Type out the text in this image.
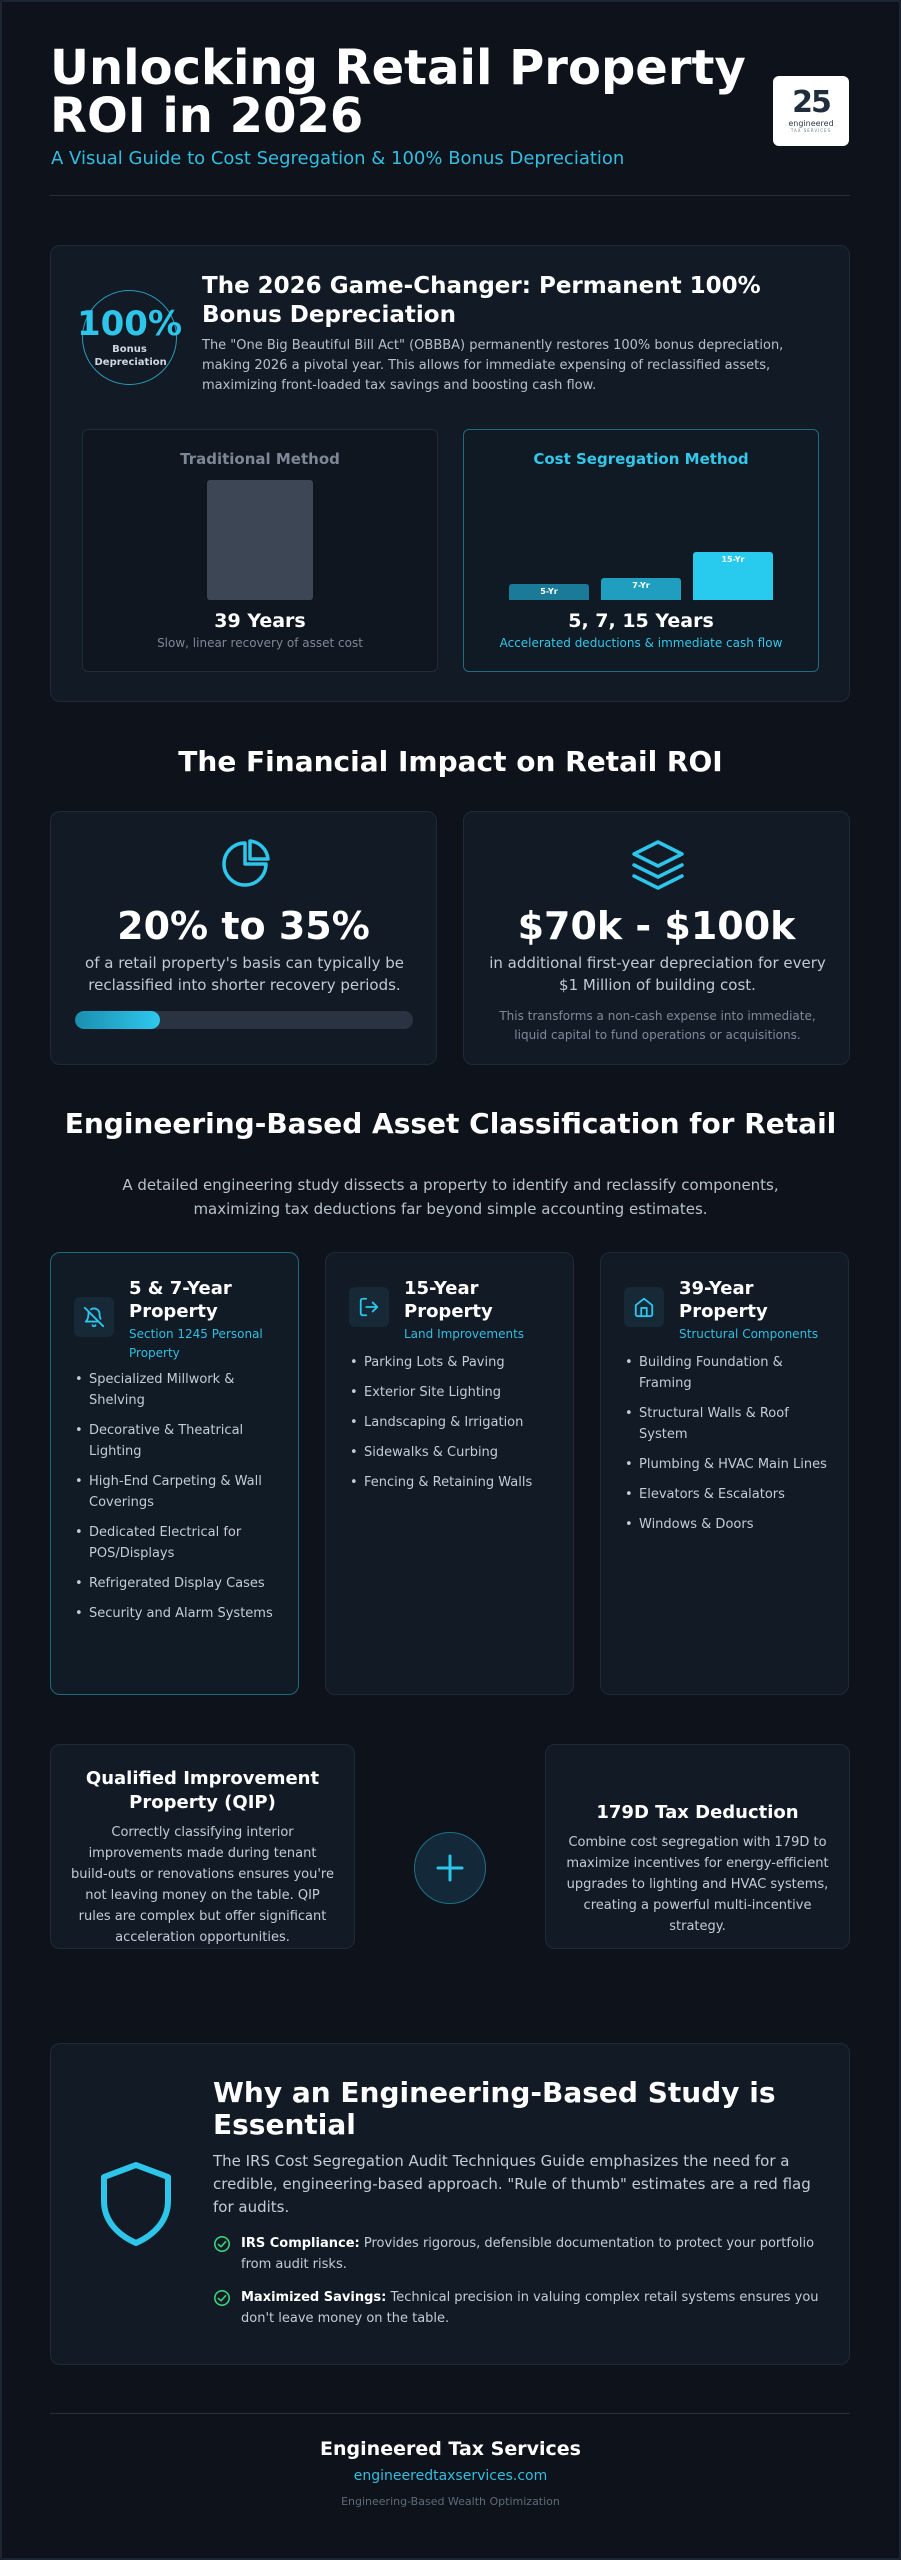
Unlocking Retail Property ROI in 2026
A Visual Guide to Cost Segregation & 100% Bonus Depreciation
25
engineered
TAX SERVICES
100%
Bonus Depreciation
The 2026 Game-Changer: Permanent 100% Bonus Depreciation
The "One Big Beautiful Bill Act" (OBBBA) permanently restores 100% bonus depreciation, making 2026 a pivotal year. This allows for immediate expensing of reclassified assets, maximizing front-loaded tax savings and boosting cash flow.
Traditional Method
39 Years
Slow, linear recovery of asset cost
Cost Segregation Method
5-Yr
7-Yr
15-Yr
5, 7, 15 Years
Accelerated deductions & immediate cash flow
The Financial Impact on Retail ROI
20% to 35%
of a retail property's basis can typically be reclassified into shorter recovery periods.
$70k - $100k
in additional first-year depreciation for every $1 Million of building cost.
This transforms a non-cash expense into immediate, liquid capital to fund operations or acquisitions.
Engineering-Based Asset Classification for Retail
A detailed engineering study dissects a property to identify and reclassify components, maximizing tax deductions far beyond simple accounting estimates.
5 & 7-Year Property
Section 1245 Personal Property
• Specialized Millwork & Shelving
• Decorative & Theatrical Lighting
• High-End Carpeting & Wall Coverings
• Dedicated Electrical for POS/Displays
• Refrigerated Display Cases
• Security and Alarm Systems
15-Year Property
Land Improvements
• Parking Lots & Paving
• Exterior Site Lighting
• Landscaping & Irrigation
• Sidewalks & Curbing
• Fencing & Retaining Walls
39-Year Property
Structural Components
• Building Foundation & Framing
• Structural Walls & Roof System
• Plumbing & HVAC Main Lines
• Elevators & Escalators
• Windows & Doors
Qualified Improvement Property (QIP)
Correctly classifying interior improvements made during tenant build-outs or renovations ensures you're not leaving money on the table. QIP rules are complex but offer significant acceleration opportunities.
179D Tax Deduction
Combine cost segregation with 179D to maximize incentives for energy-efficient upgrades to lighting and HVAC systems, creating a powerful multi-incentive strategy.
Why an Engineering-Based Study is Essential
The IRS Cost Segregation Audit Techniques Guide emphasizes the need for a credible, engineering-based approach. "Rule of thumb" estimates are a red flag for audits.
IRS Compliance: Provides rigorous, defensible documentation to protect your portfolio from audit risks.
Maximized Savings: Technical precision in valuing complex retail systems ensures you don't leave money on the table.
Engineered Tax Services
engineeredtaxservices.com
Engineering-Based Wealth Optimization
